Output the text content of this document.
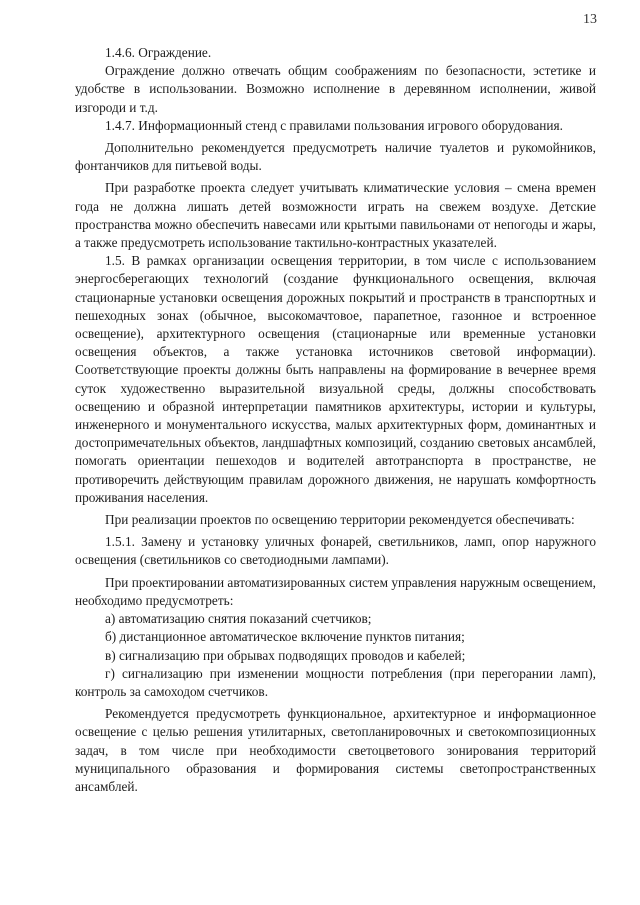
13

1.4.6. Ограждение.

Ограждение должно отвечать общим соображениям по безопасности, эстетике и удобстве в использовании. Возможно исполнение в деревянном исполнении, живой изгороди и т.д.

1.4.7. Информационный стенд с правилами пользования игрового оборудования.

Дополнительно рекомендуется предусмотреть наличие туалетов и рукомойников, фонтанчиков для питьевой воды.

При разработке проекта следует учитывать климатические условия – смена времен года не должна лишать детей возможности играть на свежем воздухе. Детские пространства можно обеспечить навесами или крытыми павильонами от непогоды и жары, а также предусмотреть использование тактильно-контрастных указателей.

1.5. В рамках организации освещения территории, в том числе с использованием энергосберегающих технологий (создание функционального освещения, включая стационарные установки освещения дорожных покрытий и пространств в транспортных и пешеходных зонах (обычное, высокомачтовое, парапетное, газонное и встроенное освещение), архитектурного освещения (стационарные или временные установки освещения объектов, а также установка источников световой информации). Соответствующие проекты должны быть направлены на формирование в вечернее время суток художественно выразительной визуальной среды, должны способствовать освещению и образной интерпретации памятников архитектуры, истории и культуры, инженерного и монументального искусства, малых архитектурных форм, доминантных и достопримечательных объектов, ландшафтных композиций, созданию световых ансамблей, помогать ориентации пешеходов и водителей автотранспорта в пространстве, не противоречить действующим правилам дорожного движения, не нарушать комфортность проживания населения.

При реализации проектов по освещению территории рекомендуется обеспечивать:

1.5.1. Замену и установку уличных фонарей, светильников, ламп, опор наружного освещения (светильников со светодиодными лампами).

При проектировании автоматизированных систем управления наружным освещением, необходимо предусмотреть:

а) автоматизацию снятия показаний счетчиков;

б) дистанционное автоматическое включение пунктов питания;

в) сигнализацию при обрывах подводящих проводов и кабелей;

г) сигнализацию при изменении мощности потребления (при перегорании ламп), контроль за самоходом счетчиков.

Рекомендуется предусмотреть функциональное, архитектурное и информационное освещение с целью решения утилитарных, светопланировочных и светокомпозиционных задач, в том числе при необходимости светоцветового зонирования территорий муниципального образования и формирования системы светопространственных ансамблей.
